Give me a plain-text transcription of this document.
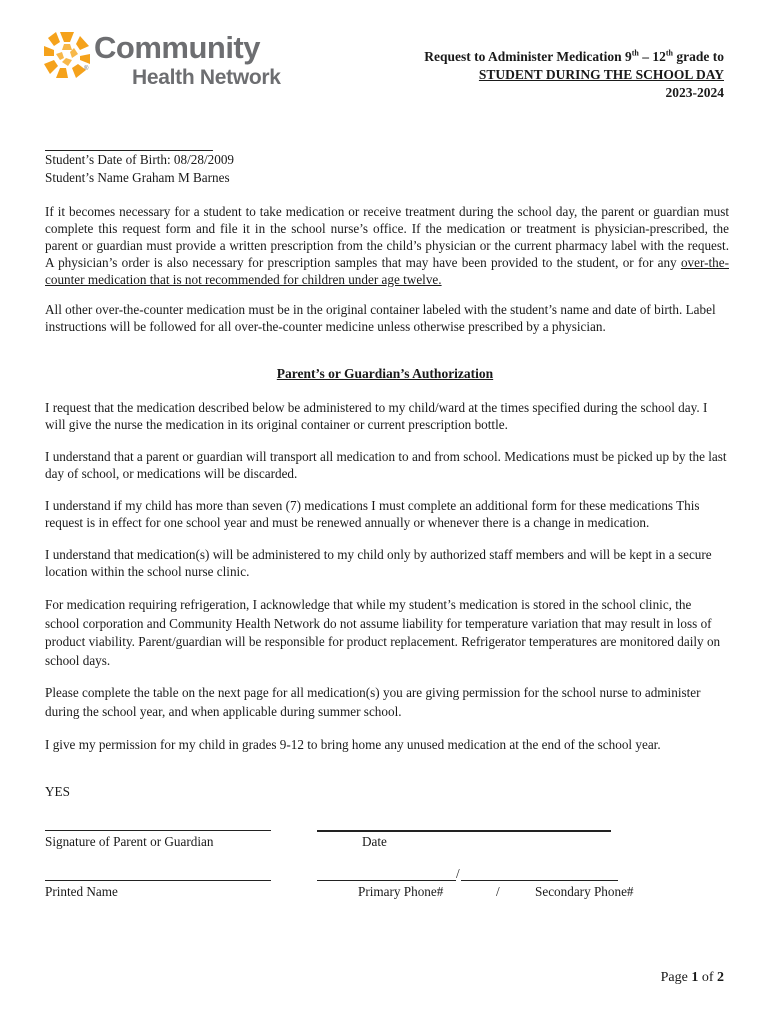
Community
Health Network
®
Request to Administer Medication 9th – 12th grade to
STUDENT DURING THE SCHOOL DAY
2023-2024
Student’s Date of Birth: 08/28/2009
Student’s Name Graham M Barnes

If it becomes necessary for a student to take medication or receive treatment during the school day, the parent or guardian must complete this request form and file it in the school nurse’s office. If the medication or treatment is physician-prescribed, the parent or guardian must provide a written prescription from the child’s physician or the current pharmacy label with the request. A physician’s order is also necessary for prescription samples that may have been provided to the student, or for any over-the-counter medication that is not recommended for children under age twelve.

All other over-the-counter medication must be in the original container labeled with the student’s name and date of birth. Label instructions will be followed for all over-the-counter medicine unless otherwise prescribed by a physician.

Parent’s or Guardian’s Authorization

I request that the medication described below be administered to my child/ward at the times specified during the school day. I will give the nurse the medication in its original container or current prescription bottle.

I understand that a parent or guardian will transport all medication to and from school. Medications must be picked up by the last day of school, or medications will be discarded.

I understand if my child has more than seven (7) medications I must complete an additional form for these medications This request is in effect for one school year and must be renewed annually or whenever there is a change in medication.

I understand that medication(s) will be administered to my child only by authorized staff members and will be kept in a secure location within the school nurse clinic.

For medication requiring refrigeration, I acknowledge that while my student’s medication is stored in the school clinic, the school corporation and Community Health Network do not assume liability for temperature variation that may result in loss of product viability. Parent/guardian will be responsible for product replacement. Refrigerator temperatures are monitored daily on school days.

Please complete the table on the next page for all medication(s) you are giving permission for the school nurse to administer during the school year, and when applicable during summer school.

I give my permission for my child in grades 9-12 to bring home any unused medication at the end of the school year.

YES
Signature of Parent or Guardian	Date
/
Printed Name	Primary Phone#	/	Secondary Phone#
Page 1 of 2
